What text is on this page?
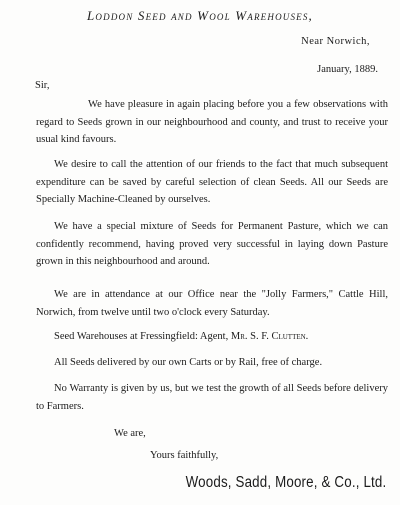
Loddon Seed and Wool Warehouses,
Near Norwich,
January, 1889.
Sir,

We have pleasure in again placing before you a few observations with regard to Seeds grown in our neighbourhood and county, and trust to receive your usual kind favours.

We desire to call the attention of our friends to the fact that much subsequent expenditure can be saved by careful selection of clean Seeds. All our Seeds are Specially Machine-Cleaned by ourselves.

We have a special mixture of Seeds for Permanent Pasture, which we can confidently recommend, having proved very successful in laying down Pasture grown in this neighbourhood and around.

We are in attendance at our Office near the "Jolly Farmers," Cattle Hill, Norwich, from twelve until two o'clock every Saturday.

Seed Warehouses at Fressingfield: Agent, Mr. S. F. Clutten.

All Seeds delivered by our own Carts or by Rail, free of charge.

No Warranty is given by us, but we test the growth of all Seeds before delivery to Farmers.

We are,
Yours faithfully,
Woods, Sadd, Moore, & Co., Ltd.
